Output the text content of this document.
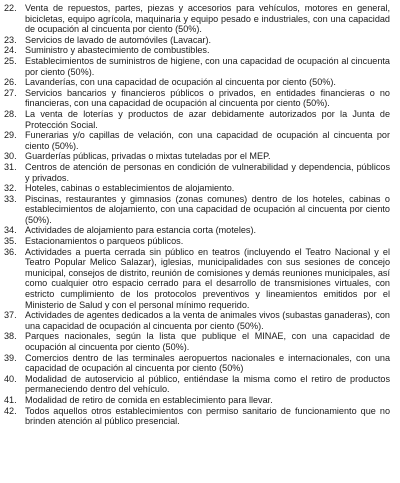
22. Venta de repuestos, partes, piezas y accesorios para vehículos, motores en general, bicicletas, equipo agrícola, maquinaria y equipo pesado e industriales, con una capacidad de ocupación al cincuenta por ciento (50%).
23. Servicios de lavado de automóviles (Lavacar).
24. Suministro y abastecimiento de combustibles.
25. Establecimientos de suministros de higiene, con una capacidad de ocupación al cincuenta por ciento (50%).
26. Lavanderías, con una capacidad de ocupación al cincuenta por ciento (50%).
27. Servicios bancarios y financieros públicos o privados, en entidades financieras o no financieras, con una capacidad de ocupación al cincuenta por ciento (50%).
28. La venta de loterías y productos de azar debidamente autorizados por la Junta de Protección Social.
29. Funerarias y/o capillas de velación, con una capacidad de ocupación al cincuenta por ciento (50%).
30. Guarderías públicas, privadas o mixtas tuteladas por el MEP.
31. Centros de atención de personas en condición de vulnerabilidad y dependencia, públicos y privados.
32. Hoteles, cabinas o establecimientos de alojamiento.
33. Piscinas, restaurantes y gimnasios (zonas comunes) dentro de los hoteles, cabinas o establecimientos de alojamiento, con una capacidad de ocupación al cincuenta por ciento (50%).
34. Actividades de alojamiento para estancia corta (moteles).
35. Estacionamientos o parqueos públicos.
36. Actividades a puerta cerrada sin público en teatros (incluyendo el Teatro Nacional y el Teatro Popular Melico Salazar), iglesias, municipalidades con sus sesiones de concejo municipal, consejos de distrito, reunión de comisiones y demás reuniones municipales, así como cualquier otro espacio cerrado para el desarrollo de transmisiones virtuales, con estricto cumplimiento de los protocolos preventivos y lineamientos emitidos por el Ministerio de Salud y con el personal mínimo requerido.
37. Actividades de agentes dedicados a la venta de animales vivos (subastas ganaderas), con una capacidad de ocupación al cincuenta por ciento (50%).
38. Parques nacionales, según la lista que publique el MINAE, con una capacidad de ocupación al cincuenta por ciento (50%).
39. Comercios dentro de las terminales aeropuertos nacionales e internacionales, con una capacidad de ocupación al cincuenta por ciento (50%)
40. Modalidad de autoservicio al público, entiéndase la misma como el retiro de productos permaneciendo dentro del vehículo.
41. Modalidad de retiro de comida en establecimiento para llevar.
42. Todos aquellos otros establecimientos con permiso sanitario de funcionamiento que no brinden atención al público presencial.
